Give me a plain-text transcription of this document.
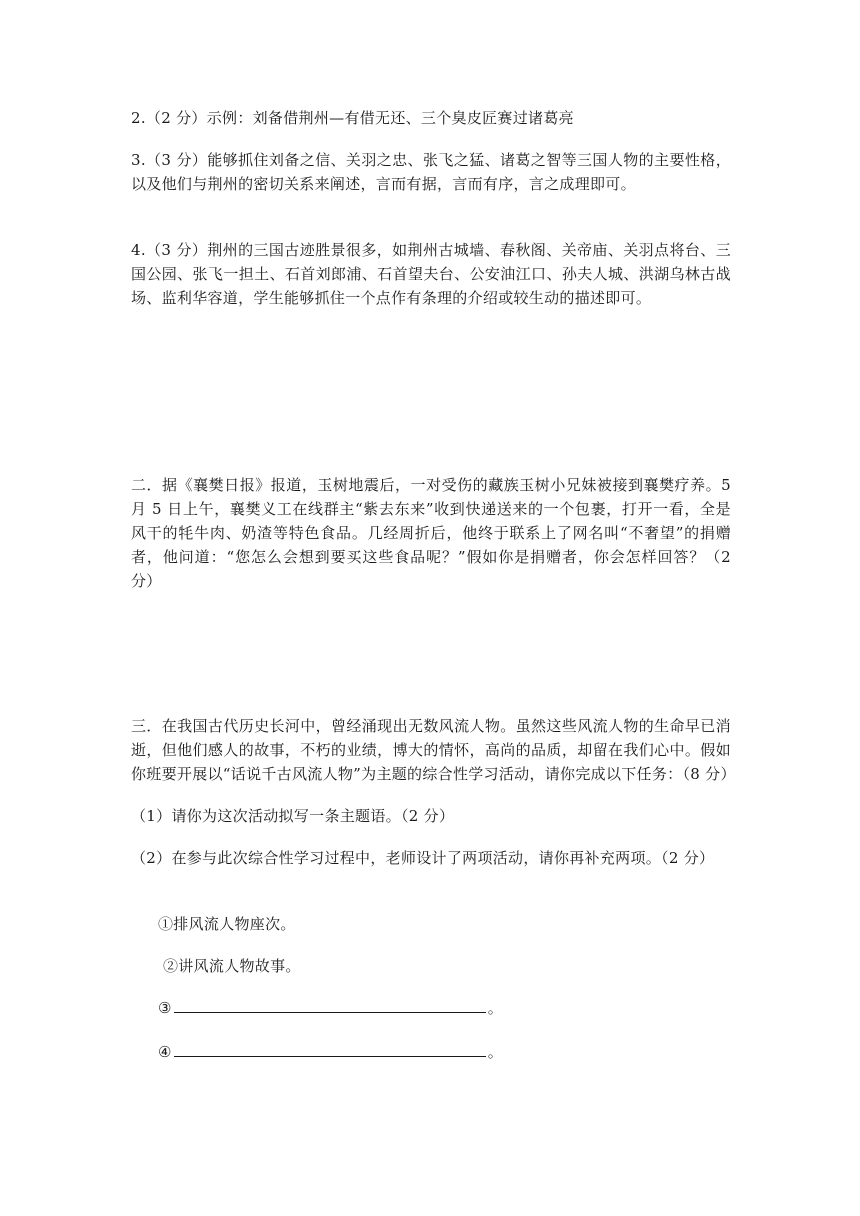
2.（2 分）示例：刘备借荆州—有借无还、三个臭皮匠赛过诸葛亮

3.（3 分）能够抓住刘备之信、关羽之忠、张飞之猛、诸葛之智等三国人物的主要性格，以及他们与荆州的密切关系来阐述，言而有据，言而有序，言之成理即可。

4.（3 分）荆州的三国古迹胜景很多，如荆州古城墙、春秋阁、关帝庙、关羽点将台、三国公园、张飞一担土、石首刘郎浦、石首望夫台、公安油江口、孙夫人城、洪湖乌林古战场、监利华容道，学生能够抓住一个点作有条理的介绍或较生动的描述即可。

二．据《襄樊日报》报道，玉树地震后，一对受伤的藏族玉树小兄妹被接到襄樊疗养。5 月 5 日上午，襄樊义工在线群主“紫去东来”收到快递送来的一个包裹，打开一看，全是风干的牦牛肉、奶渣等特色食品。几经周折后，他终于联系上了网名叫“不奢望”的捐赠者，他问道：“您怎么会想到要买这些食品呢？”假如你是捐赠者，你会怎样回答？（2 分）

三．在我国古代历史长河中，曾经涌现出无数风流人物。虽然这些风流人物的生命早已消逝，但他们感人的故事，不朽的业绩，博大的情怀，高尚的品质，却留在我们心中。假如你班要开展以“话说千古风流人物”为主题的综合性学习活动，请你完成以下任务：（8 分）

（1）请你为这次活动拟写一条主题语。（2 分）

（2）在参与此次综合性学习过程中，老师设计了两项活动，请你再补充两项。（2 分）

①排风流人物座次。

②讲风流人物故事。

③	。

④	。
